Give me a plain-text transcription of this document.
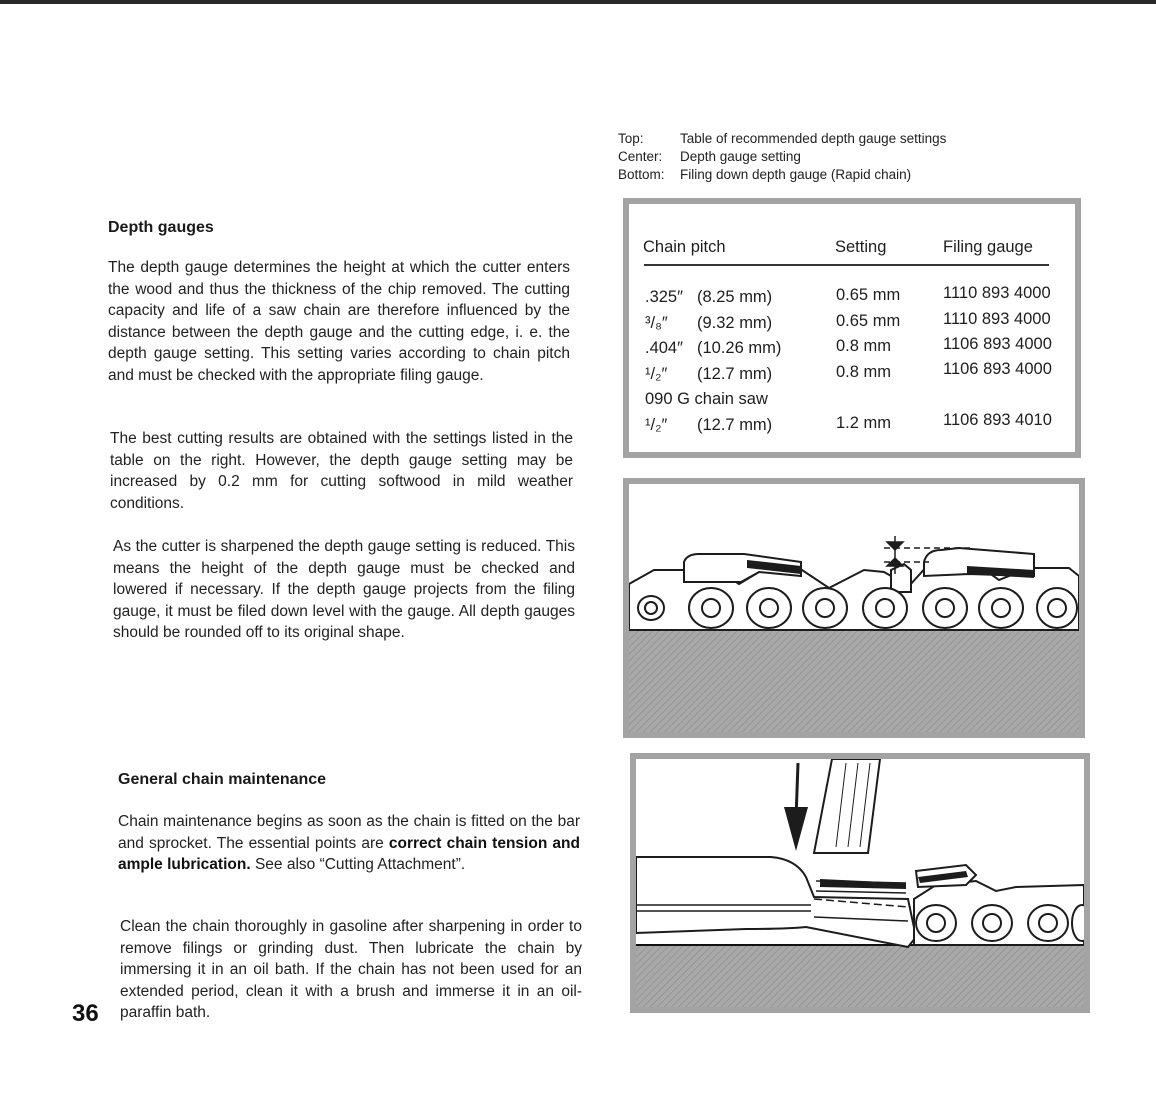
Depth gauges

The depth gauge determines the height at which the cutter enters the wood and thus the thickness of the chip removed. The cutting capacity and life of a saw chain are therefore influenced by the distance between the depth gauge and the cutting edge, i. e. the depth gauge setting. This setting varies according to chain pitch and must be checked with the appropriate filing gauge.

The best cutting results are obtained with the settings listed in the table on the right. However, the depth gauge setting may be increased by 0.2 mm for cutting softwood in mild weather conditions.

As the cutter is sharpened the depth gauge setting is reduced. This means the height of the depth gauge must be checked and lowered if necessary. If the depth gauge projects from the filing gauge, it must be filed down level with the gauge. All depth gauges should be rounded off to its original shape.

General chain maintenance

Chain maintenance begins as soon as the chain is fitted on the bar and sprocket. The essential points are correct chain tension and ample lubrication. See also “Cutting Attachment”.

Clean the chain thoroughly in gasoline after sharpening in order to remove filings or grinding dust. Then lubricate the chain by immersing it in an oil bath. If the chain has not been used for an extended period, clean it with a brush and immerse it in an oil-paraffin bath.

36
Top:	Table of recommended depth gauge settings
Center:	Depth gauge setting
Bottom:	Filing down depth gauge (Rapid chain)
Chain pitch	Setting	Filing gauge
.325″ (8.25 mm)	0.65 mm	1110 893 4000
³/₈″ (9.32 mm)	0.65 mm	1110 893 4000
.404″ (10.26 mm)	0.8 mm	1106 893 4000
¹/₂″ (12.7 mm)	0.8 mm	1106 893 4000
090 G chain saw
¹/₂″ (12.7 mm)	1.2 mm	1106 893 4010
